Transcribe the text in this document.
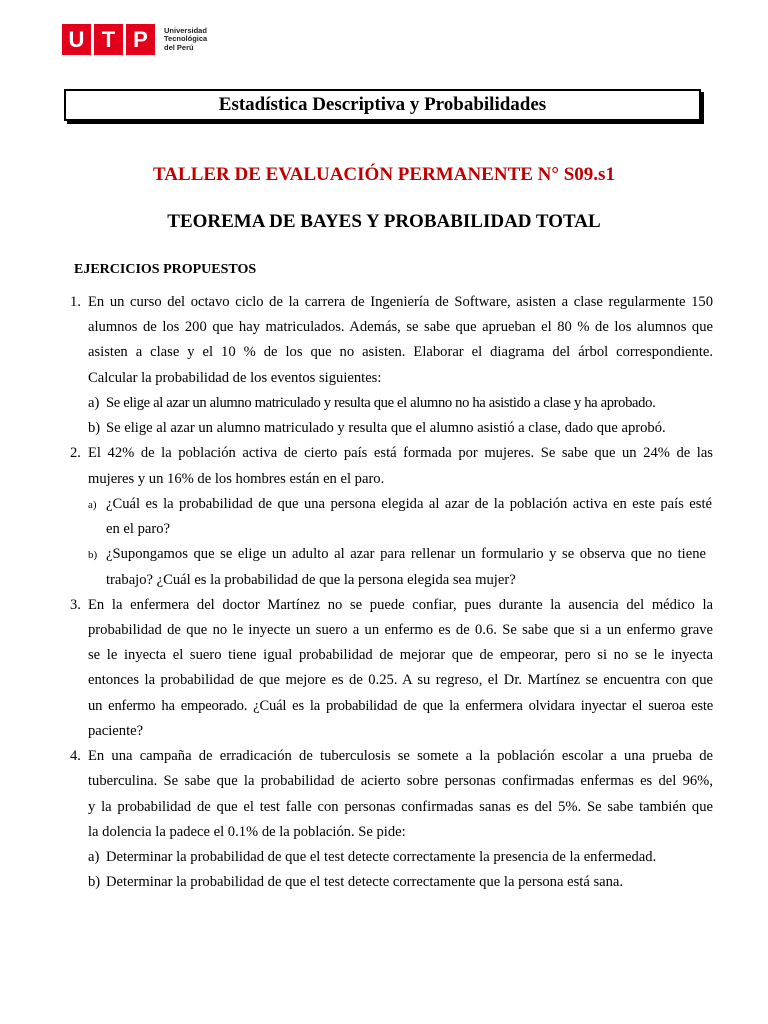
U T P	Universidad
Tecnológica
del Perú
Estadística Descriptiva y Probabilidades
TALLER DE EVALUACIÓN PERMANENTE N° S09.s1
TEOREMA DE BAYES Y PROBABILIDAD TOTAL
EJERCICIOS PROPUESTOS
1. En un curso del octavo ciclo de la carrera de Ingeniería de Software, asisten a clase regularmente 150
alumnos de los 200 que hay matriculados. Además, se sabe que aprueban el 80 % de los alumnos que
asisten a clase y el 10 % de los que no asisten. Elaborar el diagrama del árbol correspondiente.
Calcular la probabilidad de los eventos siguientes:
a) Se elige al azar un alumno matriculado y resulta que el alumno no ha asistido a clase y ha aprobado.
b) Se elige al azar un alumno matriculado y resulta que el alumno asistió a clase, dado que aprobó.
2. El 42% de la población activa de cierto país está formada por mujeres. Se sabe que un 24% de las
mujeres y un 16% de los hombres están en el paro.
a) ¿Cuál es la probabilidad de que una persona elegida al azar de la población activa en este país esté
en el paro?
b) ¿Supongamos que se elige un adulto al azar para rellenar un formulario y se observa que no tiene
trabajo? ¿Cuál es la probabilidad de que la persona elegida sea mujer?
3. En la enfermera del doctor Martínez no se puede confiar, pues durante la ausencia del médico la
probabilidad de que no le inyecte un suero a un enfermo es de 0.6. Se sabe que si a un enfermo grave
se le inyecta el suero tiene igual probabilidad de mejorar que de empeorar, pero si no se le inyecta
entonces la probabilidad de que mejore es de 0.25. A su regreso, el Dr. Martínez se encuentra con que
un enfermo ha empeorado. ¿Cuál es la probabilidad de que la enfermera olvidara inyectar el sueroa este
paciente?
4. En una campaña de erradicación de tuberculosis se somete a la población escolar a una prueba de
tuberculina. Se sabe que la probabilidad de acierto sobre personas confirmadas enfermas es del 96%,
y la probabilidad de que el test falle con personas confirmadas sanas es del 5%. Se sabe también que
la dolencia la padece el 0.1% de la población. Se pide:
a) Determinar la probabilidad de que el test detecte correctamente la presencia de la enfermedad.
b) Determinar la probabilidad de que el test detecte correctamente que la persona está sana.
